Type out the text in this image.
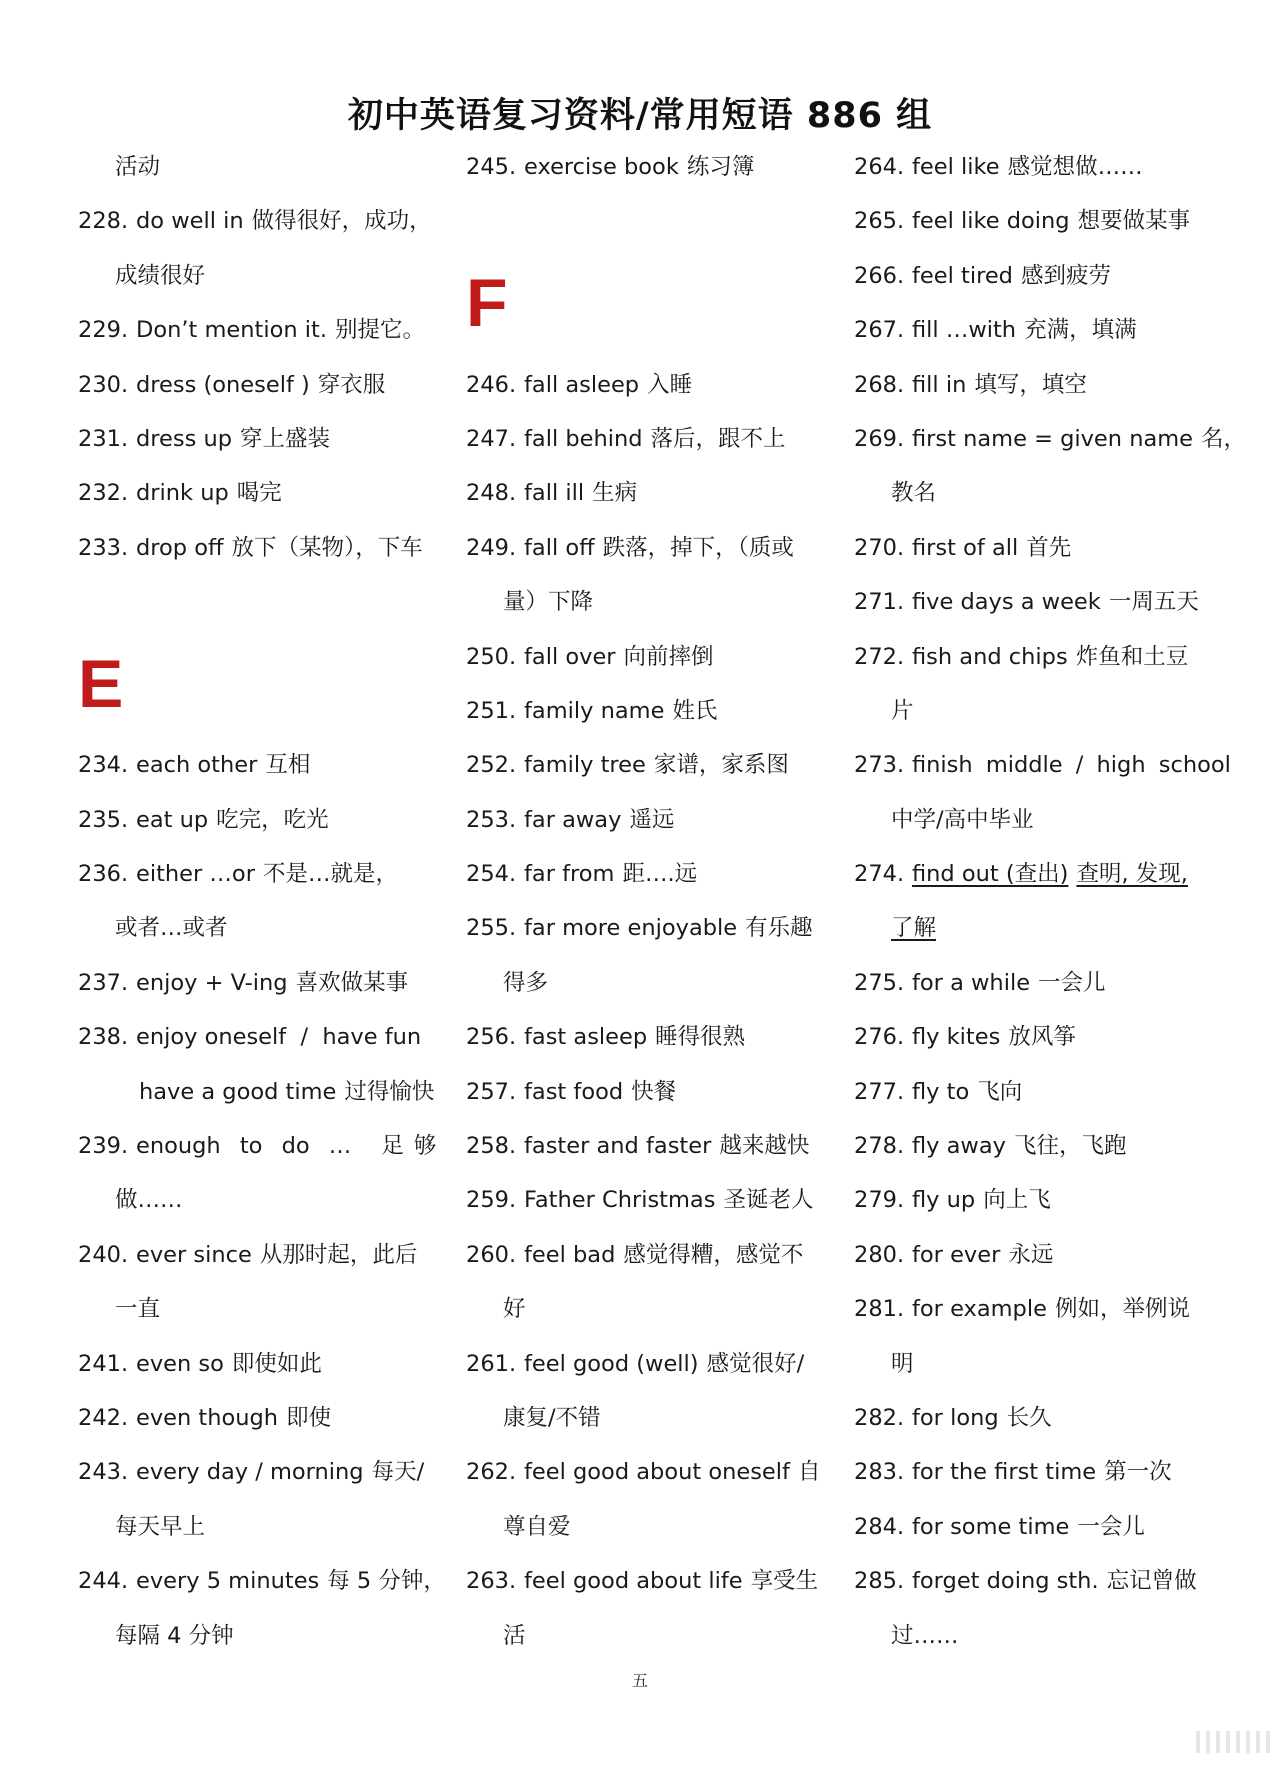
初中英语复习资料/常用短语 886 组
活动
228. do well in 做得很好，成功，
成绩很好
229. Don’t mention it. 别提它。
230. dress (oneself ) 穿衣服
231. dress up 穿上盛装
232. drink up 喝完
233. drop off 放下（某物），下车
E
234. each other 互相
235. eat up 吃完，吃光
236. either …or 不是…就是，
或者…或者
237. enjoy + V-ing 喜欢做某事
238. enjoy oneself  /  have fun
have a good time 过得愉快
239. enough to do … 足够
做……
240. ever since 从那时起，此后
一直
241. even so 即使如此
242. even though 即使
243. every day / morning 每天/
每天早上
244. every 5 minutes 每 5 分钟，
每隔 4 分钟
245. exercise book 练习簿
F
246. fall asleep 入睡
247. fall behind 落后，跟不上
248. fall ill 生病
249. fall off 跌落，掉下，（质或
量）下降
250. fall over 向前摔倒
251. family name 姓氏
252. family tree 家谱，家系图
253. far away 遥远
254. far from 距….远
255. far more enjoyable 有乐趣
得多
256. fast asleep 睡得很熟
257. fast food 快餐
258. faster and faster 越来越快
259. Father Christmas 圣诞老人
260. feel bad 感觉得糟，感觉不
好
261. feel good (well) 感觉很好/
康复/不错
262. feel good about oneself 自
尊自爱
263. feel good about life 享受生
活
264. feel like 感觉想做……
265. feel like doing 想要做某事
266. feel tired 感到疲劳
267. fill …with 充满，填满
268. fill in 填写，填空
269. first name = given name 名，
教名
270. first of all 首先
271. five days a week 一周五天
272. fish and chips 炸鱼和土豆
片
273. finish middle / high school
中学/高中毕业
274. find out (查出) 查明, 发现,
了解
275. for a while 一会儿
276. fly kites 放风筝
277. fly to 飞向
278. fly away 飞往，飞跑
279. fly up 向上飞
280. for ever 永远
281. for example 例如，举例说
明
282. for long 长久
283. for the first time 第一次
284. for some time 一会儿
285. forget doing sth. 忘记曾做
过……
五
